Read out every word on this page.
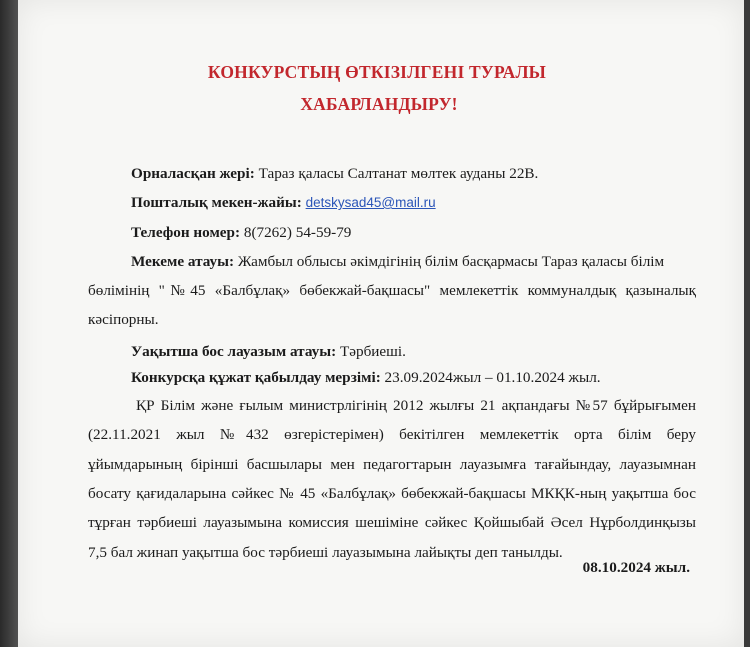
КОНКУРСТЫҢ ӨТКІЗІЛГЕНІ ТУРАЛЫ
ХАБАРЛАНДЫРУ!
Орналасқан жері: Тараз қаласы Салтанат мөлтек ауданы 22В.
Пошталық мекен-жайы: detskysad45@mail.ru
Телефон номер: 8(7262) 54-59-79
Мекеме атауы: Жамбыл облысы әкімдігінің білім басқармасы Тараз қаласы білім
бөлімінің "№45 «Балбұлақ» бөбекжай-бақшасы" мемлекеттік коммуналдық қазыналық
кәсіпорны.
Уақытша бос лауазым атауы: Тәрбиеші.
Конкурсқа құжат қабылдау мерзімі: 23.09.2024жыл – 01.10.2024 жыл.
ҚР Білім және ғылым министрлігінің 2012 жылғы 21 ақпандағы №57 бұйрығымен
(22.11.2021 жыл №432 өзгерістерімен) бекітілген мемлекеттік орта білім беру
ұйымдарының бірінші басшылары мен педагогтарын лауазымға тағайындау, лауазымнан
босату қағидаларына сәйкес № 45 «Балбұлақ» бөбекжай-бақшасы МКҚК-ның уақытша бос
тұрған тәрбиеші лауазымына комиссия шешіміне сәйкес Қойшыбай Әсел Нұрболдинқызы
7,5 бал жинап уақытша бос тәрбиеші лауазымына лайықты деп танылды.
08.10.2024 жыл.
